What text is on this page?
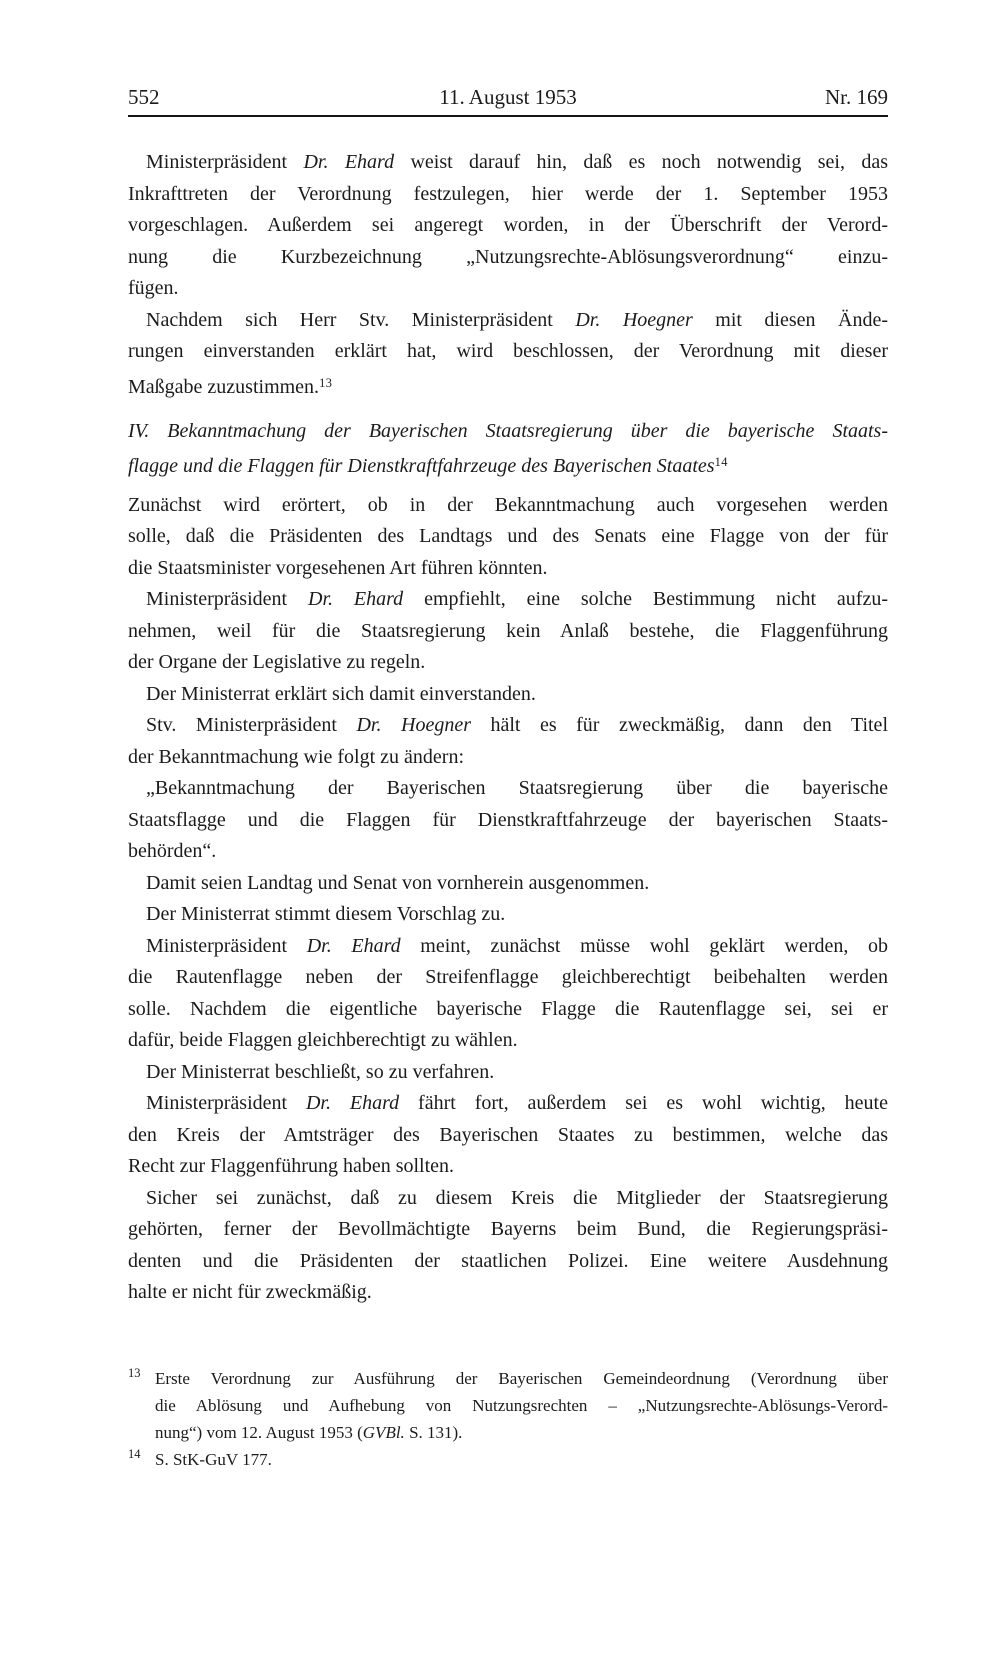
552	11. August 1953	Nr. 169

Ministerpräsident Dr. Ehard weist darauf hin, daß es noch notwendig sei, das
Inkrafttreten der Verordnung festzulegen, hier werde der 1. September 1953
vorgeschlagen. Außerdem sei angeregt worden, in der Überschrift der Verord-
nung die Kurzbezeichnung „Nutzungsrechte-Ablösungsverordnung“ einzu-
fügen.

Nachdem sich Herr Stv. Ministerpräsident Dr. Hoegner mit diesen Ände-
rungen einverstanden erklärt hat, wird beschlossen, der Verordnung mit dieser
Maßgabe zuzustimmen.$^{13}$

IV. Bekanntmachung der Bayerischen Staatsregierung über die bayerische Staats-
flagge und die Flaggen für Dienstkraftfahrzeuge des Bayerischen Staates$^{14}$

Zunächst wird erörtert, ob in der Bekanntmachung auch vorgesehen werden
solle, daß die Präsidenten des Landtags und des Senats eine Flagge von der für
die Staatsminister vorgesehenen Art führen könnten.

Ministerpräsident Dr. Ehard empfiehlt, eine solche Bestimmung nicht aufzu-
nehmen, weil für die Staatsregierung kein Anlaß bestehe, die Flaggenführung
der Organe der Legislative zu regeln.

Der Ministerrat erklärt sich damit einverstanden.

Stv. Ministerpräsident Dr. Hoegner hält es für zweckmäßig, dann den Titel
der Bekanntmachung wie folgt zu ändern:

„Bekanntmachung der Bayerischen Staatsregierung über die bayerische
Staatsflagge und die Flaggen für Dienstkraftfahrzeuge der bayerischen Staats-
behörden“.

Damit seien Landtag und Senat von vornherein ausgenommen.

Der Ministerrat stimmt diesem Vorschlag zu.

Ministerpräsident Dr. Ehard meint, zunächst müsse wohl geklärt werden, ob
die Rautenflagge neben der Streifenflagge gleichberechtigt beibehalten werden
solle. Nachdem die eigentliche bayerische Flagge die Rautenflagge sei, sei er
dafür, beide Flaggen gleichberechtigt zu wählen.

Der Ministerrat beschließt, so zu verfahren.

Ministerpräsident Dr. Ehard fährt fort, außerdem sei es wohl wichtig, heute
den Kreis der Amtsträger des Bayerischen Staates zu bestimmen, welche das
Recht zur Flaggenführung haben sollten.

Sicher sei zunächst, daß zu diesem Kreis die Mitglieder der Staatsregierung
gehörten, ferner der Bevollmächtigte Bayerns beim Bund, die Regierungspräsi-
denten und die Präsidenten der staatlichen Polizei. Eine weitere Ausdehnung
halte er nicht für zweckmäßig.

13 Erste Verordnung zur Ausführung der Bayerischen Gemeindeordnung (Verordnung über
die Ablösung und Aufhebung von Nutzungsrechten – „Nutzungsrechte-Ablösungs-Verord-
nung“) vom 12. August 1953 (GVBl. S. 131).

14 S. StK-GuV 177.
